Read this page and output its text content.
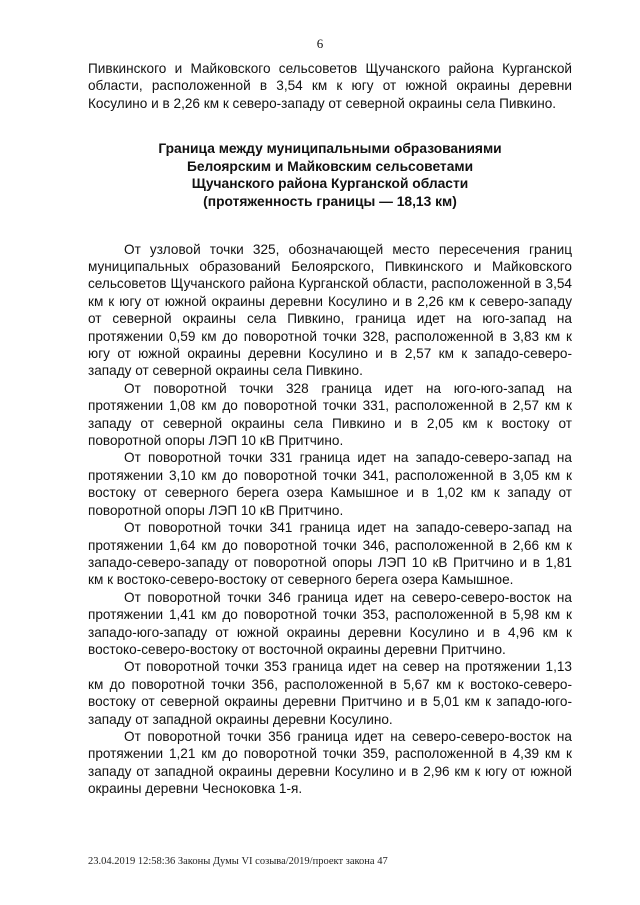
6

Пивкинского и Майковского сельсоветов Щучанского района Курганской области, расположенной в 3,54 км к югу от южной окраины деревни Косулино и в 2,26 км к северо-западу от северной окраины села Пивкино.

Граница между муниципальными образованиями
Белоярским и Майковским сельсоветами
Щучанского района Курганской области
(протяженность границы — 18,13 км)

От узловой точки 325, обозначающей место пересечения границ муниципальных образований Белоярского, Пивкинского и Майковского сельсоветов Щучанского района Курганской области, расположенной в 3,54 км к югу от южной окраины деревни Косулино и в 2,26 км к северо-западу от северной окраины села Пивкино, граница идет на юго-запад на протяжении 0,59 км до поворотной точки 328, расположенной в 3,83 км к югу от южной окраины деревни Косулино и в 2,57 км к западо-северо-западу от северной окраины села Пивкино.

От поворотной точки 328 граница идет на юго-юго-запад на протяжении 1,08 км до поворотной точки 331, расположенной в 2,57 км к западу от северной окраины села Пивкино и в 2,05 км к востоку от поворотной опоры ЛЭП 10 кВ Притчино.

От поворотной точки 331 граница идет на западо-северо-запад на протяжении 3,10 км до поворотной точки 341, расположенной в 3,05 км к востоку от северного берега озера Камышное и в 1,02 км к западу от поворотной опоры ЛЭП 10 кВ Притчино.

От поворотной точки 341 граница идет на западо-северо-запад на протяжении 1,64 км до поворотной точки 346, расположенной в 2,66 км к западо-северо-западу от поворотной опоры ЛЭП 10 кВ Притчино и в 1,81 км к востоко-северо-востоку от северного берега озера Камышное.

От поворотной точки 346 граница идет на северо-северо-восток на протяжении 1,41 км до поворотной точки 353, расположенной в 5,98 км к западо-юго-западу от южной окраины деревни Косулино и в 4,96 км к востоко-северо-востоку от восточной окраины деревни Притчино.

От поворотной точки 353 граница идет на север на протяжении 1,13 км до поворотной точки 356, расположенной в 5,67 км к востоко-северо-востоку от северной окраины деревни Притчино и в 5,01 км к западо-юго-западу от западной окраины деревни Косулино.

От поворотной точки 356 граница идет на северо-северо-восток на протяжении 1,21 км до поворотной точки 359, расположенной в 4,39 км к западу от западной окраины деревни Косулино и в 2,96 км к югу от южной окраины деревни Чесноковка 1-я.

23.04.2019 12:58:36 Законы Думы VI созыва/2019/проект закона 47
